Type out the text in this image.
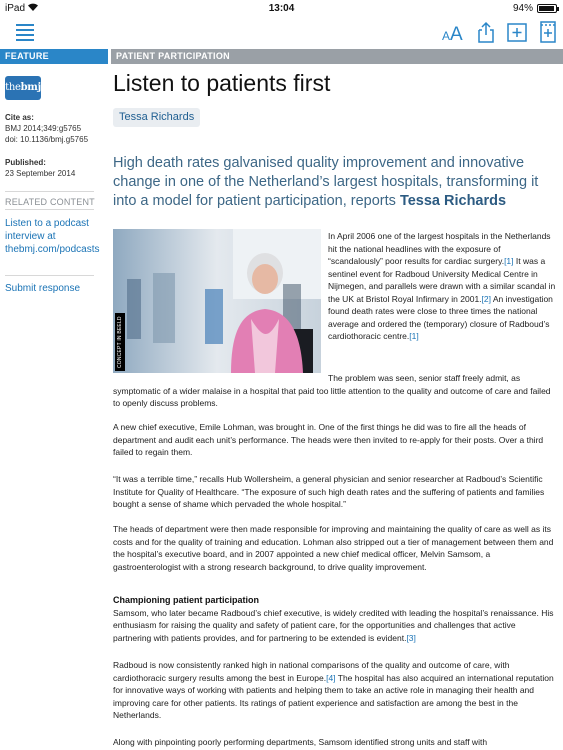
iPad	13:04	94%
A A
FEATURE	PATIENT PARTICIPATION
thebmj
Cite as:
BMJ 2014;349:g5765
doi: 10.1136/bmj.g5765
Published:
23 September 2014
RELATED CONTENT
Listen to a podcast interview at thebmj.com/podcasts
Submit response
Listen to patients first
Tessa Richards

High death rates galvanised quality improvement and innovative change in one of the Netherland’s largest hospitals, transforming it into a model for patient participation, reports Tessa Richards

CONCEPT IN BEELD
In April 2006 one of the largest hospitals in the Netherlands hit the national headlines with the exposure of “scandalously” poor results for cardiac surgery.[1] It was a sentinel event for Radboud University Medical Centre in Nijmegen, and parallels were drawn with a similar scandal in the UK at Bristol Royal Infirmary in 2001.[2] An investigation found death rates were close to three times the national average and ordered the (temporary) closure of Radboud’s cardiothoracic centre.[1]

The problem was seen, senior staff freely admit, as symptomatic of a wider malaise in a hospital that paid too little attention to the quality and outcome of care and failed to openly discuss problems.

A new chief executive, Emile Lohman, was brought in. One of the first things he did was to fire all the heads of department and audit each unit’s performance. The heads were then invited to re-apply for their posts. Over a third failed to regain them.

“It was a terrible time,” recalls Hub Wollersheim, a general physician and senior researcher at Radboud’s Scientific Institute for Quality of Healthcare. “The exposure of such high death rates and the suffering of patients and families bought a sense of shame which pervaded the whole hospital.”

The heads of department were then made responsible for improving and maintaining the quality of care as well as its costs and for the quality of training and education. Lohman also stripped out a tier of management between them and the hospital’s executive board, and in 2007 appointed a new chief medical officer, Melvin Samsom, a gastroenterologist with a strong research background, to drive quality improvement.

Championing patient participation
Samsom, who later became Radboud’s chief executive, is widely credited with leading the hospital’s renaissance. His enthusiasm for raising the quality and safety of patient care, for the opportunities and challenges that active partnering with patients provides, and for partnering to be extended is evident.[3]
Radboud is now consistently ranked high in national comparisons of the quality and outcome of care, with cardiothoracic surgery results among the best in Europe.[4] The hospital has also acquired an international reputation for innovative ways of working with patients and helping them to take an active role in managing their health and improving care for other patients. Its ratings of patient experience and satisfaction are among the best in the Netherlands.

Along with pinpointing poorly performing departments, Samsom identified strong units and staff with
